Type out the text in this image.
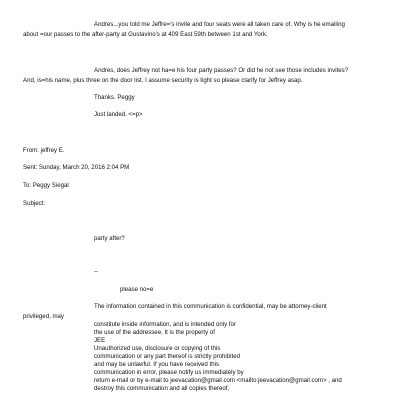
Andres...you told me Jeffre='s invite and four seats were all taken care of. Why is he emailing

about =our passes to the after-party at Gustavino's at 409 East 59th between 1st and York.

Andres, does Jeffrey not ha=e his four party passes? Or did he not see those includes invites?

And, is=his name, plus three on the door list. I assume security is tight so please clarify for Jeffrey asap.

Thanks. Peggy

Just landed. <=p>

From: jeffrey E.

Sent: Sunday, March 20, 2016 2:04 PM

To: Peggy Siegal

Subject:

party after?

--

please no=e

The information contained in this communication is confidential, may be attorney-client

privileged, may

constitute inside information, and is intended only for

the use of the addressee. It is the property of

JEE

Unauthorized use, disclosure or copying of this

communication or any part thereof is strictly prohibited

and may be unlawful. If you have received this

communication in error, please notify us immediately by

return e-mail or by e-mail to jeevacation@gmail.com <mailto:jeevacation@gmail.com> , and

destroy this communication and all copies thereof,
